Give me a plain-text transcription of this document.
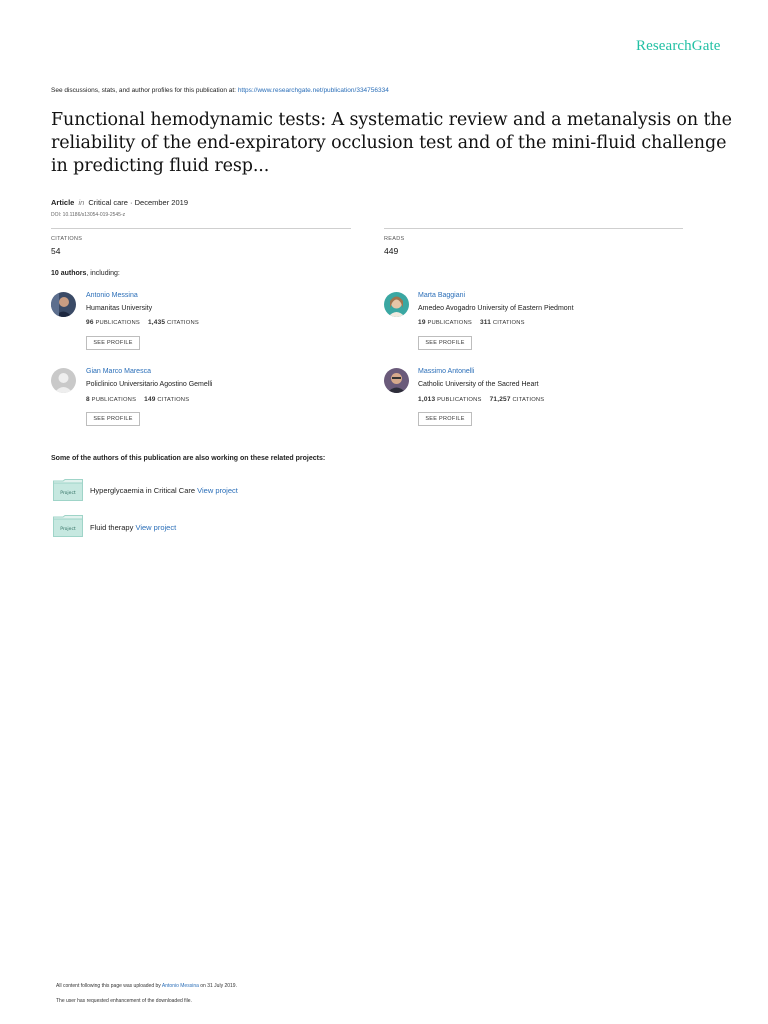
ResearchGate
See discussions, stats, and author profiles for this publication at: https://www.researchgate.net/publication/334756334
Functional hemodynamic tests: A systematic review and a metanalysis on the
reliability of the end-expiratory occlusion test and of the mini-fluid challenge
in predicting fluid resp...
Article in Critical care · December 2019
DOI: 10.1186/s13054-019-2545-z
CITATIONS
54
READS
449
10 authors, including:
Antonio Messina
Humanitas University
96 PUBLICATIONS 1,435 CITATIONS
SEE PROFILE
Marta Baggiani
Amedeo Avogadro University of Eastern Piedmont
19 PUBLICATIONS 311 CITATIONS
SEE PROFILE
Gian Marco Maresca
Policlinico Universitario Agostino Gemelli
8 PUBLICATIONS 149 CITATIONS
SEE PROFILE
Massimo Antonelli
Catholic University of the Sacred Heart
1,013 PUBLICATIONS 71,257 CITATIONS
SEE PROFILE
Some of the authors of this publication are also working on these related projects:
Project Hyperglycaemia in Critical Care View project
Project Fluid therapy View project
All content following this page was uploaded by Antonio Messina on 31 July 2019.
The user has requested enhancement of the downloaded file.
